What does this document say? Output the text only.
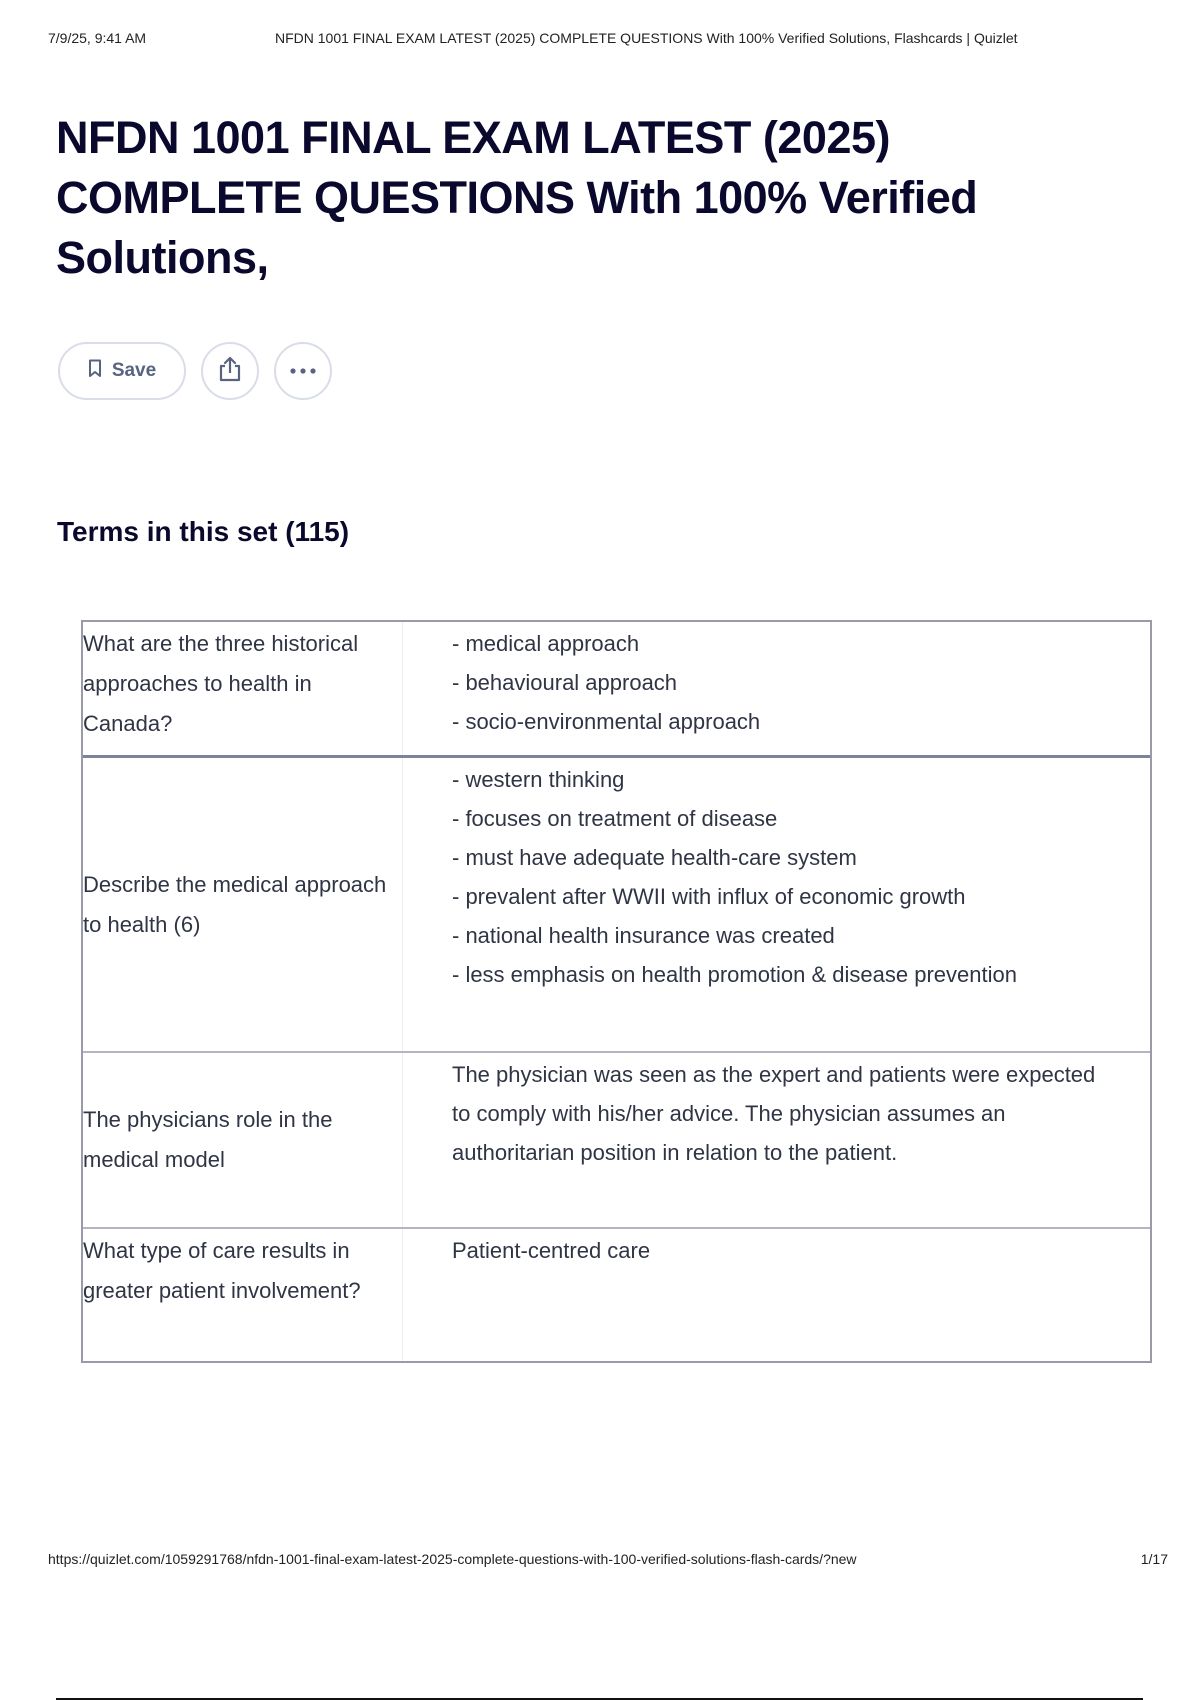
7/9/25, 9:41 AM	NFDN 1001 FINAL EXAM LATEST (2025) COMPLETE QUESTIONS With 100% Verified Solutions, Flashcards | Quizlet
NFDN 1001 FINAL EXAM LATEST (2025) COMPLETE QUESTIONS With 100% Verified Solutions,
Save
Terms in this set (115)
What are the three historical approaches to health in Canada?
- medical approach
- behavioural approach
- socio-environmental approach
Describe the medical approach to health (6)
- western thinking
- focuses on treatment of disease
- must have adequate health-care system
- prevalent after WWII with influx of economic growth
- national health insurance was created
- less emphasis on health promotion & disease prevention
The physicians role in the medical model
The physician was seen as the expert and patients were expected to comply with his/her advice. The physician assumes an authoritarian position in relation to the patient.
What type of care results in greater patient involvement?
Patient-centred care
https://quizlet.com/1059291768/nfdn-1001-final-exam-latest-2025-complete-questions-with-100-verified-solutions-flash-cards/?new	1/17
